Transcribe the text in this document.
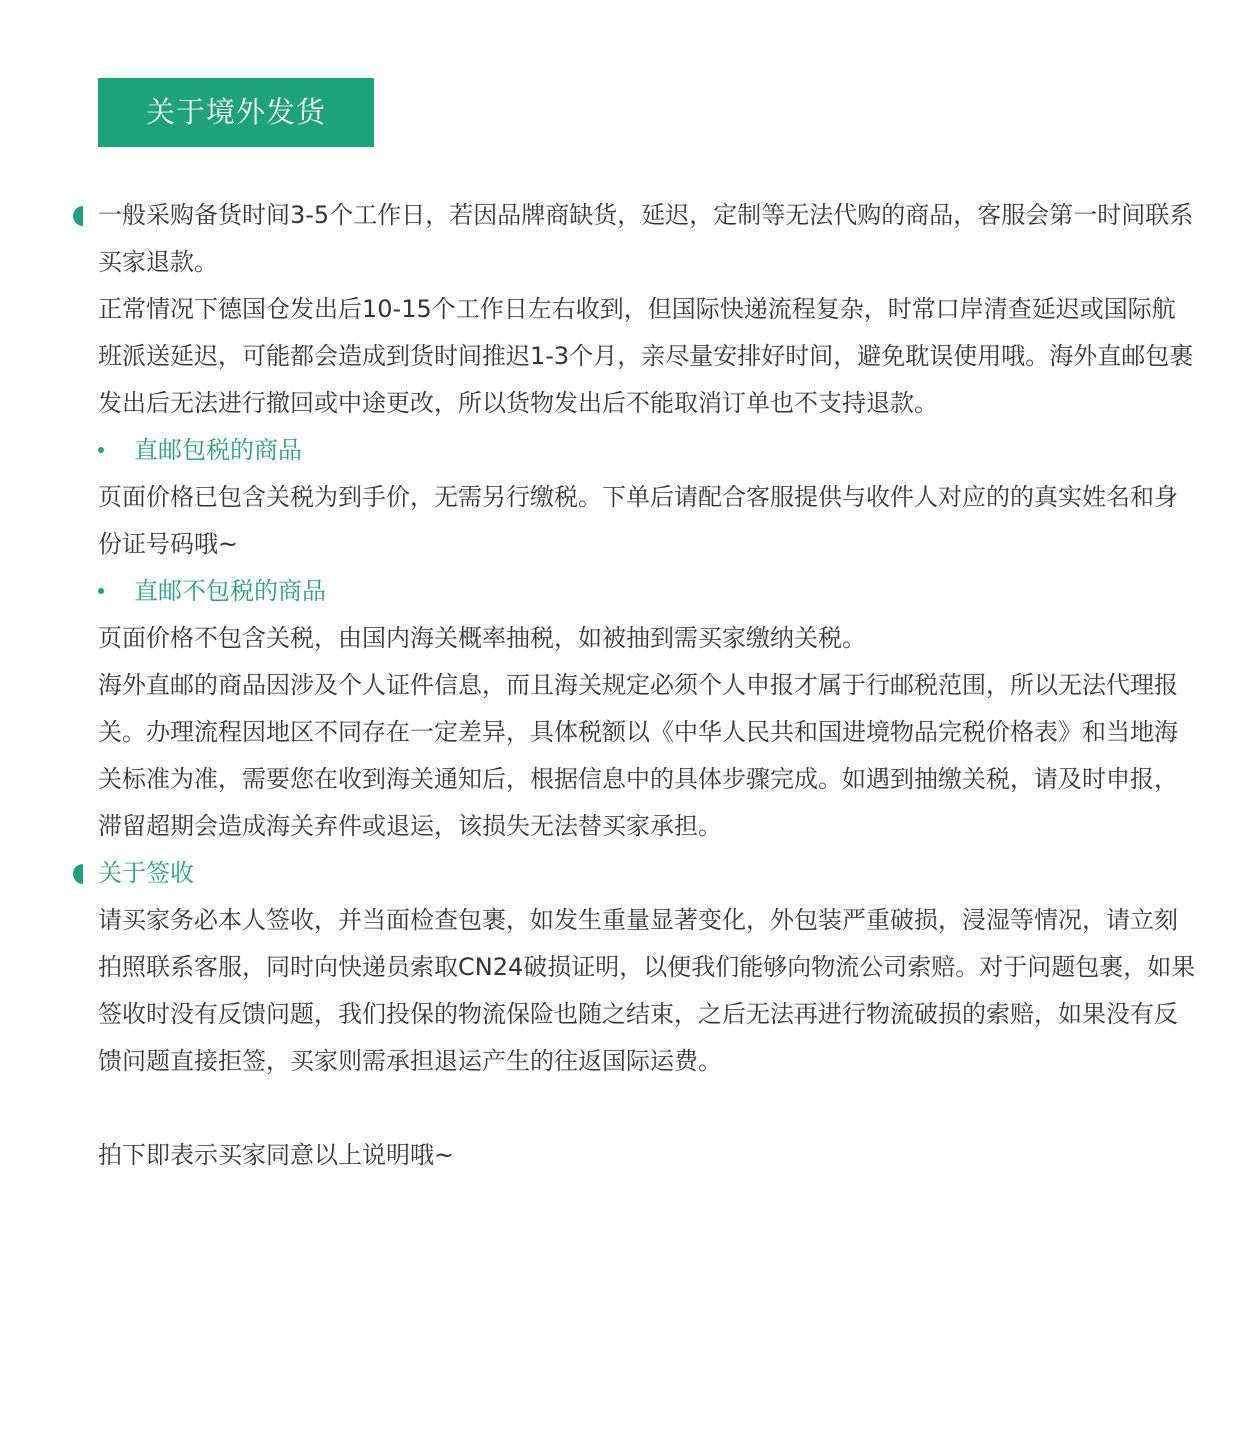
关于境外发货

一般采购备货时间3-5个工作日，若因品牌商缺货，延迟，定制等无法代购的商品，客服会第一时间联系买家退款。

正常情况下德国仓发出后10-15个工作日左右收到，但国际快递流程复杂，时常口岸清查延迟或国际航班派送延迟，可能都会造成到货时间推迟1-3个月，亲尽量安排好时间，避免耽误使用哦。海外直邮包裹发出后无法进行撤回或中途更改，所以货物发出后不能取消订单也不支持退款。

直邮包税的商品

页面价格已包含关税为到手价，无需另行缴税。下单后请配合客服提供与收件人对应的的真实姓名和身份证号码哦~

直邮不包税的商品

页面价格不包含关税，由国内海关概率抽税，如被抽到需买家缴纳关税。

海外直邮的商品因涉及个人证件信息，而且海关规定必须个人申报才属于行邮税范围，所以无法代理报关。办理流程因地区不同存在一定差异，具体税额以《中华人民共和国进境物品完税价格表》和当地海关标准为准，需要您在收到海关通知后，根据信息中的具体步骤完成。如遇到抽缴关税，请及时申报，滞留超期会造成海关弃件或退运，该损失无法替买家承担。

关于签收

请买家务必本人签收，并当面检查包裹，如发生重量显著变化，外包装严重破损，浸湿等情况，请立刻拍照联系客服，同时向快递员索取CN24破损证明，以便我们能够向物流公司索赔。对于问题包裹，如果签收时没有反馈问题，我们投保的物流保险也随之结束，之后无法再进行物流破损的索赔，如果没有反馈问题直接拒签，买家则需承担退运产生的往返国际运费。

拍下即表示买家同意以上说明哦~
